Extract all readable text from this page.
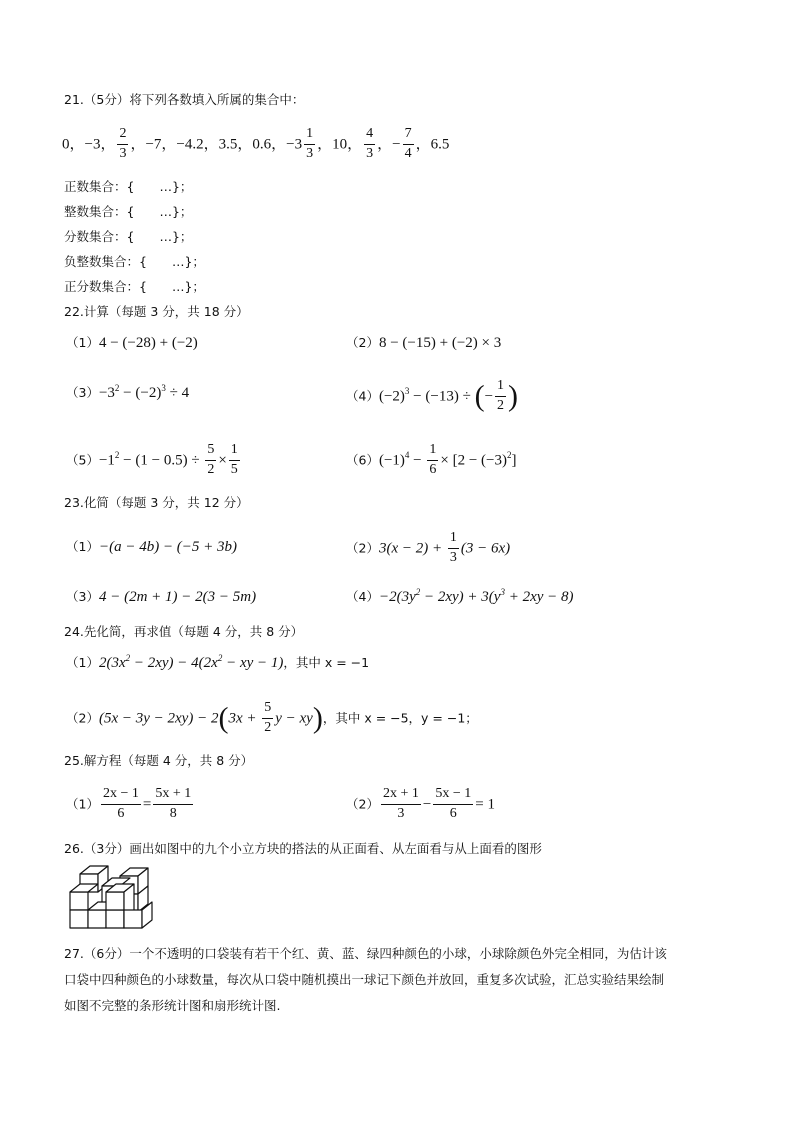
21.（5分）将下列各数填入所属的集合中：
0，−3， $\frac{2}{3}$ ，−7，−4.2，3.5，0.6，$-3 \frac{1}{3}$ ，10， $\frac{4}{3}$ ，− $\frac{7}{4}$ ，6.5
正数集合：{　　…}；
整数集合：{　　…}；
分数集合：{　　…}；
负整数集合：{　　…}；
正分数集合：{　　…}；
22.计算（每题 3 分，共 18 分）
（1）4 − (−28) + (−2)	（2）8 − (−15) + (−2) × 3
$(3)-3^2 - (-2)^3 \div 4$	$(4)(-2)^3 - (-13)$ ÷ (− $\frac{1}{2}$ )
$(5)-1^2 - (1 - 0.5) \div \frac{5}{2} \times \frac{1}{5}$	$(6)(-1)^4 - \frac{1}{6} \times [2 - (-3)^2]$
23.化简（每题 3 分，共 12 分）
（1）−(a − 4b) − (−5 + 3b)	$(2)3(x - 2) + \frac{1}{3} (3 - 6x)$
（3）4 − (2m + 1) − 2(3 − 5m)	$(4)-2(3y^2 - 2xy) + 3(y^3 + 2xy - 8)$
24.先化简，再求值（每题 4 分，共 8 分）
$(1)2(3x^2 - 2xy) - 4(2x^2$ − xy − 1)，其中 x = −1
$(2)(5x - 3y - 2xy) - 2(3x + \frac{5}{2}$ y − xy)，其中 x = −5，y = −1；
25.解方程（每题 4 分，共 8 分）
$(1) \frac{2x - 1}{6} = \frac{5x + 1}{8}$	$(2) \frac{2x + 1}{3} - \frac{5x - 1}{6} = 1$
26.（3分）画出如图中的九个小立方块的搭法的从正面看、从左面看与从上面看的图形
27.（6分）一个不透明的口袋装有若干个红、黄、蓝、绿四种颜色的小球，小球除颜色外完全相同，为估计该
口袋中四种颜色的小球数量，每次从口袋中随机摸出一球记下颜色并放回，重复多次试验，汇总实验结果绘制
如图不完整的条形统计图和扇形统计图.
